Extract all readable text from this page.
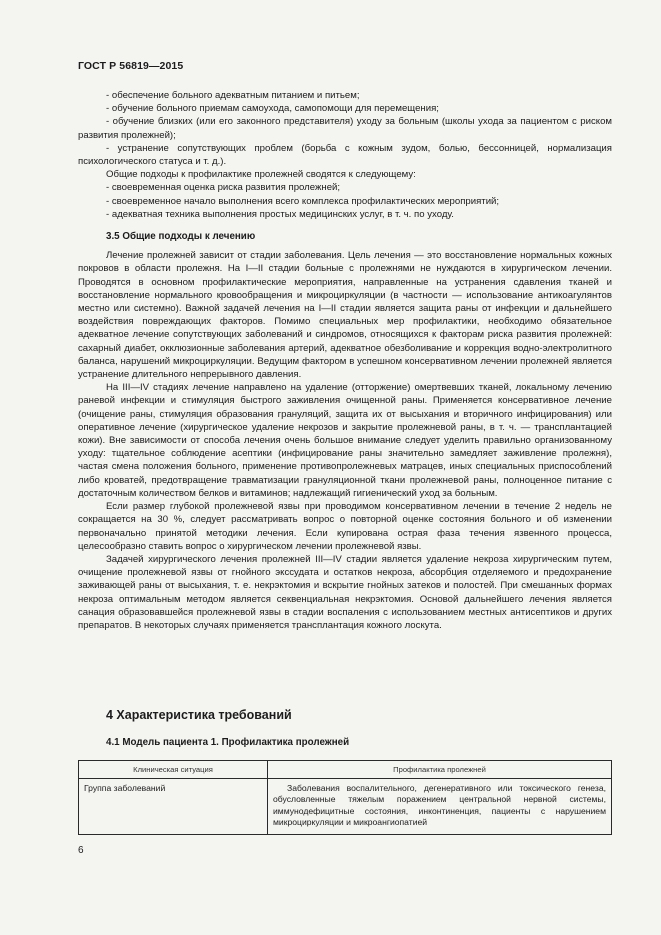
ГОСТ Р 56819—2015

- обеспечение больного адекватным питанием и питьем;

- обучение больного приемам самоухода, самопомощи для перемещения;

- обучение близких (или его законного представителя) уходу за больным (школы ухода за пациентом с риском развития пролежней);

- устранение сопутствующих проблем (борьба с кожным зудом, болью, бессонницей, нормализация психологического статуса и т. д.).

Общие подходы к профилактике пролежней сводятся к следующему:

- своевременная оценка риска развития пролежней;

- своевременное начало выполнения всего комплекса профилактических мероприятий;

- адекватная техника выполнения простых медицинских услуг, в т. ч. по уходу.

3.5 Общие подходы к лечению

Лечение пролежней зависит от стадии заболевания. Цель лечения — это восстановление нормальных кожных покровов в области пролежня. На I—II стадии больные с пролежнями не нуждаются в хирургическом лечении. Проводятся в основном профилактические мероприятия, направленные на устранения сдавления тканей и восстановление нормального кровообращения и микроциркуляции (в частности — использование антикоагулянтов местно или системно). Важной задачей лечения на I—II стадии является защита раны от инфекции и дальнейшего воздействия повреждающих факторов. Помимо специальных мер профилактики, необходимо обязательное адекватное лечение сопутствующих заболеваний и синдромов, относящихся к факторам риска развития пролежней: сахарный диабет, окклюзионные заболевания артерий, адекватное обезболивание и коррекция водно-электролитного баланса, нарушений микроциркуляции. Ведущим фактором в успешном консервативном лечении пролежней является устранение длительного непрерывного давления.

На III—IV стадиях лечение направлено на удаление (отторжение) омертвевших тканей, локальному лечению раневой инфекции и стимуляция быстрого заживления очищенной раны. Применяется консервативное лечение (очищение раны, стимуляция образования грануляций, защита их от высыхания и вторичного инфицирования) или оперативное лечение (хирургическое удаление некрозов и закрытие пролежневой раны, в т. ч. — трансплантацией кожи). Вне зависимости от способа лечения очень большое внимание следует уделить правильно организованному уходу: тщательное соблюдение асептики (инфицирование раны значительно замедляет заживление пролежня), частая смена положения больного, применение противопролежневых матрацев, иных специальных приспособлений либо кроватей, предотвращение травматизации грануляционной ткани пролежневой раны, полноценное питание с достаточным количеством белков и витаминов; надлежащий гигиенический уход за больным.

Если размер глубокой пролежневой язвы при проводимом консервативном лечении в течение 2 недель не сокращается на 30 %, следует рассматривать вопрос о повторной оценке состояния больного и об изменении первоначально принятой методики лечения. Если купирована острая фаза течения язвенного процесса, целесообразно ставить вопрос о хирургическом лечении пролежневой язвы.

Задачей хирургического лечения пролежней III—IV стадии является удаление некроза хирургическим путем, очищение пролежневой язвы от гнойного экссудата и остатков некроза, абсорбция отделяемого и предохранение заживающей раны от высыхания, т. е. некрэктомия и вскрытие гнойных затеков и полостей. При смешанных формах некроза оптимальным методом является секвенциальная некрэктомия. Основой дальнейшего лечения является санация образовавшейся пролежневой язвы в стадии воспаления с использованием местных антисептиков и других препаратов. В некоторых случаях применяется трансплантация кожного лоскута.

4 Характеристика требований
4.1 Модель пациента 1. Профилактика пролежней
Клиническая ситуация	Профилактика пролежней
Группа заболеваний	Заболевания воспалительного, дегенеративного или токсического генеза, обусловленные тяжелым поражением центральной нервной системы, иммунодефицитные состояния, инконтиненция, пациенты с нарушением микроциркуляции и микроангиопатией
6
